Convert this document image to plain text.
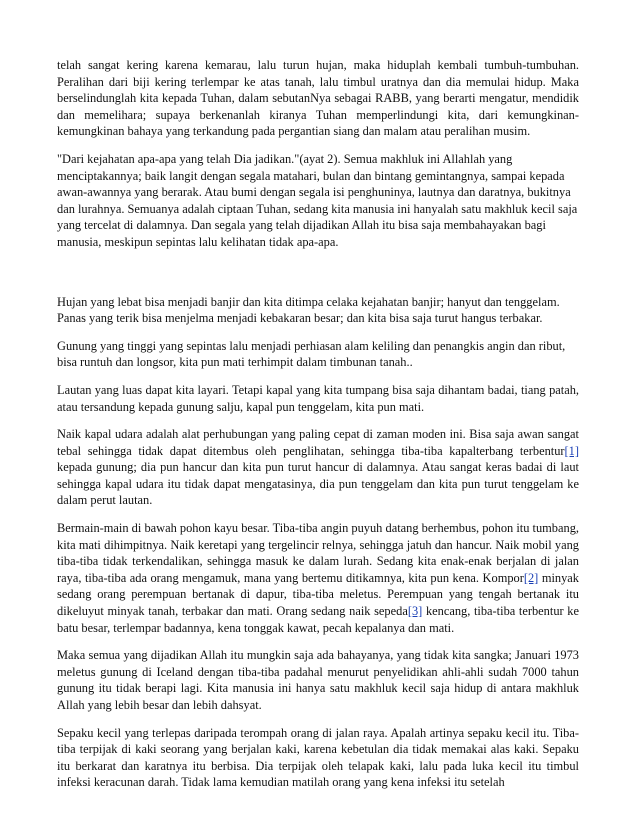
telah sangat kering karena kemarau, lalu turun hujan, maka hiduplah kembali tumbuh-tumbuhan. Peralihan dari biji kering terlempar ke atas tanah, lalu timbul uratnya dan dia memulai hidup. Maka berselindunglah kita kepada Tuhan, dalam sebutanNya sebagai RABB, yang berarti mengatur, mendidik dan memelihara; supaya berkenanlah kiranya Tuhan memperlindungi kita, dari kemungkinan-kemungkinan bahaya yang terkandung pada pergantian siang dan malam atau peralihan musim.

"Dari kejahatan apa-apa yang telah Dia jadikan."(ayat 2). Semua makhluk ini Allahlah yang menciptakannya; baik langit dengan segala matahari, bulan dan bintang gemintangnya, sampai kepada awan-awannya yang berarak. Atau bumi dengan segala isi penghuninya, lautnya dan daratnya, bukitnya dan lurahnya. Semuanya adalah ciptaan Tuhan, sedang kita manusia ini hanyalah satu makhluk kecil saja yang tercelat di dalamnya. Dan segala yang telah dijadikan Allah itu bisa saja membahayakan bagi manusia, meskipun sepintas lalu kelihatan tidak apa-apa.

Hujan yang lebat bisa menjadi banjir dan kita ditimpa celaka kejahatan banjir; hanyut dan tenggelam. Panas yang terik bisa menjelma menjadi kebakaran besar; dan kita bisa saja turut hangus terbakar.

Gunung yang tinggi yang sepintas lalu menjadi perhiasan alam keliling dan penangkis angin dan ribut, bisa runtuh dan longsor, kita pun mati terhimpit dalam timbunan tanah..

Lautan yang luas dapat kita layari. Tetapi kapal yang kita tumpang bisa saja dihantam badai, tiang patah, atau tersandung kepada gunung salju, kapal pun tenggelam, kita pun mati.

Naik kapal udara adalah alat perhubungan yang paling cepat di zaman moden ini. Bisa saja awan sangat tebal sehingga tidak dapat ditembus oleh penglihatan, sehingga tiba-tiba kapalterbang terbentur[1] kepada gunung; dia pun hancur dan kita pun turut hancur di dalamnya. Atau sangat keras badai di laut sehingga kapal udara itu tidak dapat mengatasinya, dia pun tenggelam dan kita pun turut tenggelam ke dalam perut lautan.

Bermain-main di bawah pohon kayu besar. Tiba-tiba angin puyuh datang berhembus, pohon itu tumbang, kita mati dihimpitnya. Naik keretapi yang tergelincir relnya, sehingga jatuh dan hancur. Naik mobil yang tiba-tiba tidak terkendalikan, sehingga masuk ke dalam lurah. Sedang kita enak-enak berjalan di jalan raya, tiba-tiba ada orang mengamuk, mana yang bertemu ditikamnya, kita pun kena. Kompor[2] minyak sedang orang perempuan bertanak di dapur, tiba-tiba meletus. Perempuan yang tengah bertanak itu dikeluyut minyak tanah, terbakar dan mati. Orang sedang naik sepeda[3] kencang, tiba-tiba terbentur ke batu besar, terlempar badannya, kena tonggak kawat, pecah kepalanya dan mati.

Maka semua yang dijadikan Allah itu mungkin saja ada bahayanya, yang tidak kita sangka; Januari 1973 meletus gunung di Iceland dengan tiba-tiba padahal menurut penyelidikan ahli-ahli sudah 7000 tahun gunung itu tidak berapi lagi. Kita manusia ini hanya satu makhluk kecil saja hidup di antara makhluk Allah yang lebih besar dan lebih dahsyat.

Sepaku kecil yang terlepas daripada terompah orang di jalan raya. Apalah artinya sepaku kecil itu. Tiba-tiba terpijak di kaki seorang yang berjalan kaki, karena kebetulan dia tidak memakai alas kaki. Sepaku itu berkarat dan karatnya itu berbisa. Dia terpijak oleh telapak kaki, lalu pada luka kecil itu timbul infeksi keracunan darah. Tidak lama kemudian matilah orang yang kena infeksi itu setelah
